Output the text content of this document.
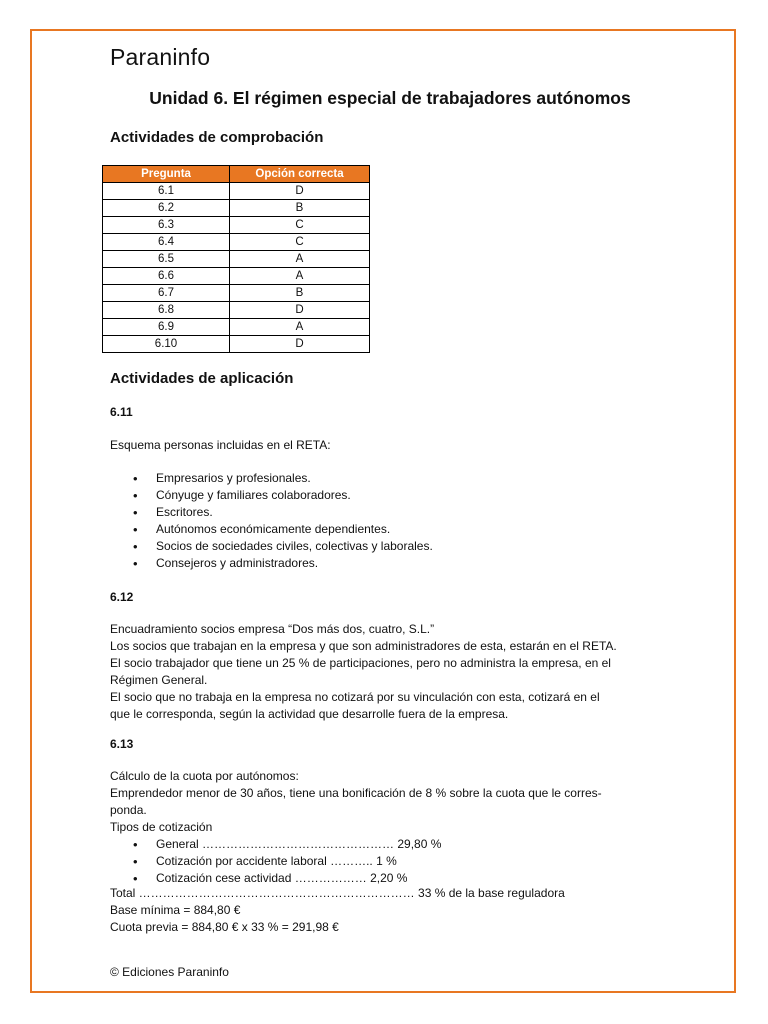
Paraninfo
Unidad 6. El régimen especial de trabajadores autónomos
Actividades de comprobación
Pregunta	Opción correcta
6.1	D
6.2	B
6.3	C
6.4	C
6.5	A
6.6	A
6.7	B
6.8	D
6.9	A
6.10	D
Actividades de aplicación
6.11
Esquema personas incluidas en el RETA:
• Empresarios y profesionales.
• Cónyuge y familiares colaboradores.
• Escritores.
• Autónomos económicamente dependientes.
• Socios de sociedades civiles, colectivas y laborales.
• Consejeros y administradores.
6.12

Encuadramiento socios empresa “Dos más dos, cuatro, S.L.”

Los socios que trabajan en la empresa y que son administradores de esta, estarán en el RETA.

El socio trabajador que tiene un 25 % de participaciones, pero no administra la empresa, en el

Régimen General.

El socio que no trabaja en la empresa no cotizará por su vinculación con esta, cotizará en el

que le corresponda, según la actividad que desarrolle fuera de la empresa.

6.13

Cálculo de la cuota por autónomos:

Emprendedor menor de 30 años, tiene una bonificación de 8 % sobre la cuota que le corres-

ponda.

Tipos de cotización

• General ………………………………………… 29,80 %
• Cotización por accidente laboral ……….. 1 %
• Cotización cese actividad ……………… 2,20 %

Total …………………………………………………………… 33 % de la base reguladora

Base mínima = 884,80 €

Cuota previa = 884,80 € x 33 % = 291,98 €

© Ediciones Paraninfo
